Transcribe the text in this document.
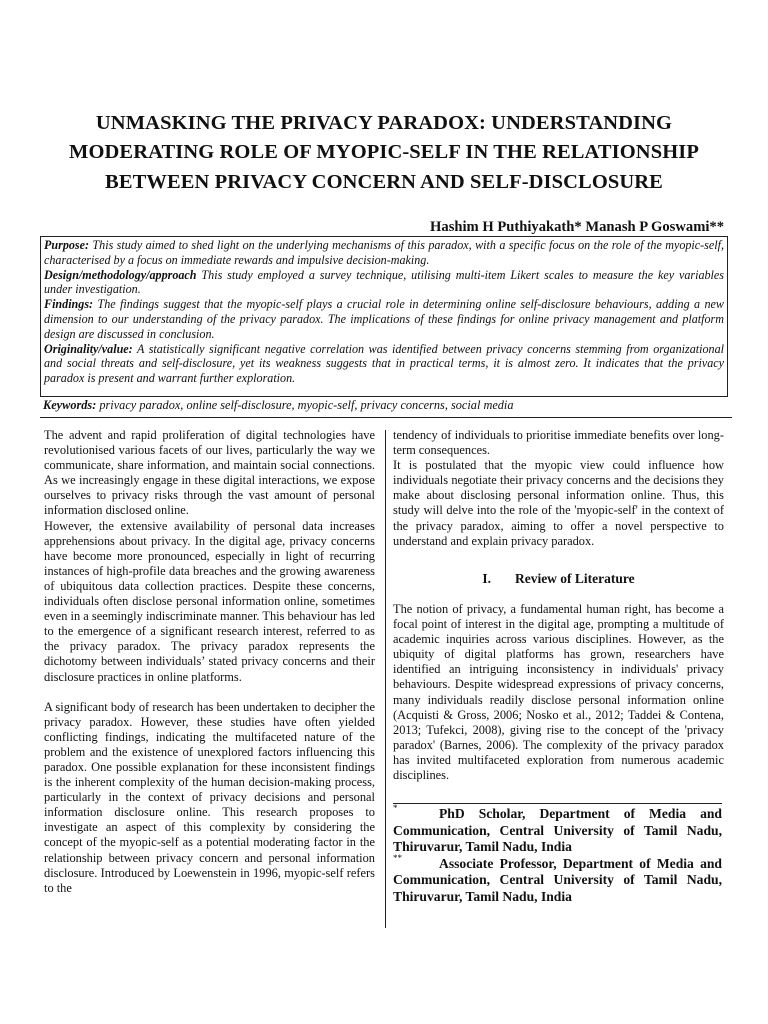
UNMASKING THE PRIVACY PARADOX: UNDERSTANDING MODERATING ROLE OF MYOPIC-SELF IN THE RELATIONSHIP BETWEEN PRIVACY CONCERN AND SELF-DISCLOSURE
Hashim H Puthiyakath* Manash P Goswami**

Purpose: This study aimed to shed light on the underlying mechanisms of this paradox, with a specific focus on the role of the myopic-self, characterised by a focus on immediate rewards and impulsive decision-making.

Design/methodology/approach This study employed a survey technique, utilising multi-item Likert scales to measure the key variables under investigation.

Findings: The findings suggest that the myopic-self plays a crucial role in determining online self-disclosure behaviours, adding a new dimension to our understanding of the privacy paradox. The implications of these findings for online privacy management and platform design are discussed in conclusion.

Originality/value: A statistically significant negative correlation was identified between privacy concerns stemming from organizational and social threats and self-disclosure, yet its weakness suggests that in practical terms, it is almost zero. It indicates that the privacy paradox is present and warrant further exploration.

Keywords: privacy paradox, online self-disclosure, myopic-self, privacy concerns, social media

The advent and rapid proliferation of digital technologies have revolutionised various facets of our lives, particularly the way we communicate, share information, and maintain social connections. As we increasingly engage in these digital interactions, we expose ourselves to privacy risks through the vast amount of personal information disclosed online.

However, the extensive availability of personal data increases apprehensions about privacy. In the digital age, privacy concerns have become more pronounced, especially in light of recurring instances of high-profile data breaches and the growing awareness of ubiquitous data collection practices. Despite these concerns, individuals often disclose personal information online, sometimes even in a seemingly indiscriminate manner. This behaviour has led to the emergence of a significant research interest, referred to as the privacy paradox. The privacy paradox represents the dichotomy between individuals’ stated privacy concerns and their disclosure practices in online platforms.

A significant body of research has been undertaken to decipher the privacy paradox. However, these studies have often yielded conflicting findings, indicating the multifaceted nature of the problem and the existence of unexplored factors influencing this paradox. One possible explanation for these inconsistent findings is the inherent complexity of the human decision-making process, particularly in the context of privacy decisions and personal information disclosure online. This research proposes to investigate an aspect of this complexity by considering the concept of the myopic-self as a potential moderating factor in the relationship between privacy concern and personal information disclosure. Introduced by Loewenstein in 1996, myopic-self refers to the

tendency of individuals to prioritise immediate benefits over long-term consequences.

It is postulated that the myopic view could influence how individuals negotiate their privacy concerns and the decisions they make about disclosing personal information online. Thus, this study will delve into the role of the 'myopic-self' in the context of the privacy paradox, aiming to offer a novel perspective to understand and explain privacy paradox.

I. Review of Literature

The notion of privacy, a fundamental human right, has become a focal point of interest in the digital age, prompting a multitude of academic inquiries across various disciplines. However, as the ubiquity of digital platforms has grown, researchers have identified an intriguing inconsistency in individuals' privacy behaviours. Despite widespread expressions of privacy concerns, many individuals readily disclose personal information online (Acquisti & Gross, 2006; Nosko et al., 2012; Taddei & Contena, 2013; Tufekci, 2008), giving rise to the concept of the 'privacy paradox' (Barnes, 2006). The complexity of the privacy paradox has invited multifaceted exploration from numerous academic disciplines.

*	PhD Scholar, Department of Media and Communication, Central University of Tamil Nadu, Thiruvarur, Tamil Nadu, India

**	Associate Professor, Department of Media and Communication, Central University of Tamil Nadu, Thiruvarur, Tamil Nadu, India
